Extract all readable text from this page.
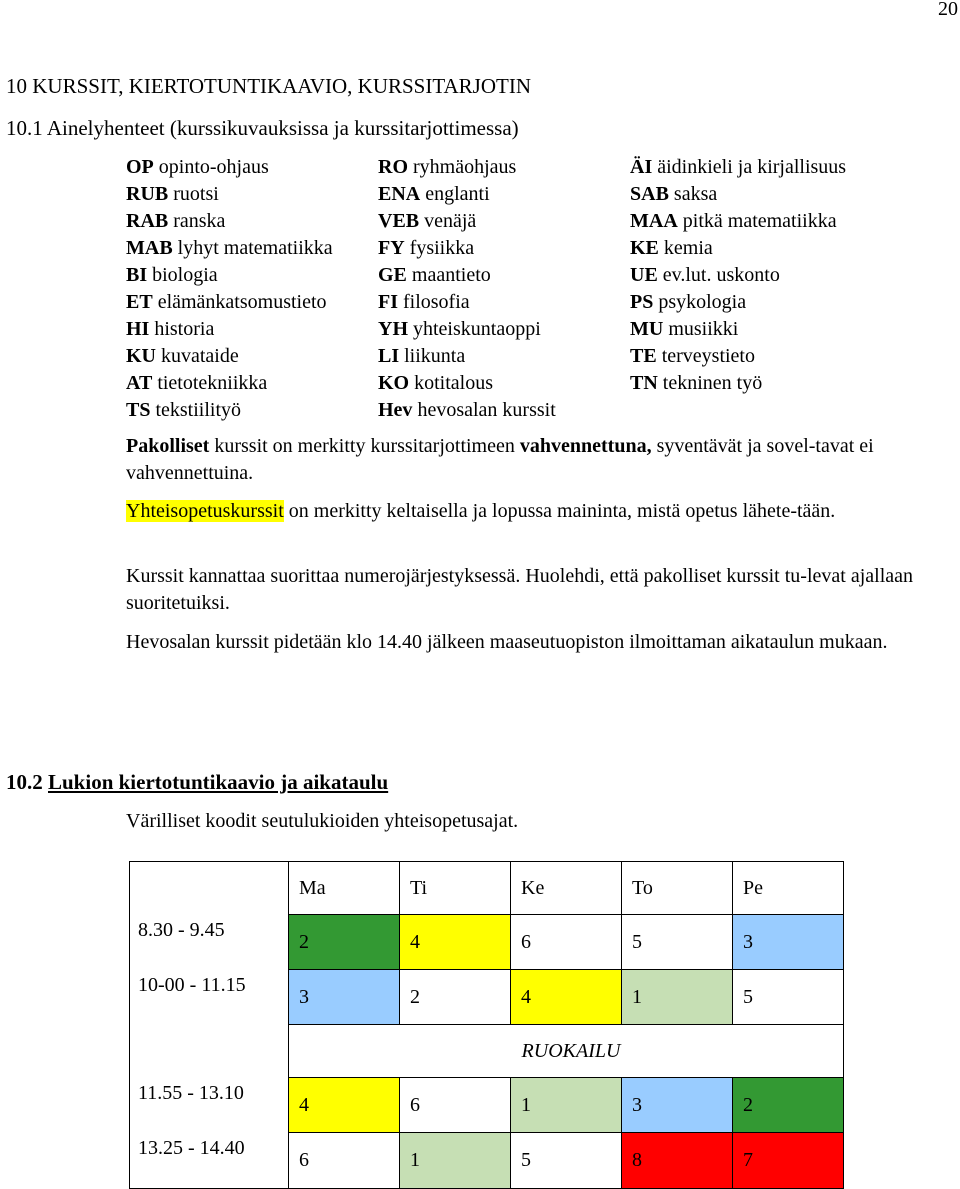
20
10 KURSSIT, KIERTOTUNTIKAAVIO, KURSSITARJOTIN
10.1 Ainelyhenteet (kurssikuvauksissa ja kurssitarjottimessa)
OP opinto-ohjaus	RO ryhmäohjaus	ÄI äidinkieli ja kirjallisuus
RUB ruotsi	ENA englanti	SAB saksa
RAB ranska	VEB venäjä	MAA pitkä matematiikka
MAB lyhyt matematiikka	FY fysiikka	KE kemia
BI biologia	GE maantieto	UE ev.lut. uskonto
ET elämänkatsomustieto	FI filosofia	PS psykologia
HI historia	YH yhteiskuntaoppi	MU musiikki
KU kuvataide	LI liikunta	TE terveystieto
AT tietotekniikka	KO kotitalous	TN tekninen työ
TS tekstiilityö	Hev hevosalan kurssit	

Pakolliset kurssit on merkitty kurssitarjottimeen vahvennettuna, syventävät ja sovel-tavat ei vahvennettuina.

Yhteisopetuskurssit on merkitty keltaisella ja lopussa maininta, mistä opetus lähete-tään.

Kurssit kannattaa suorittaa numerojärjestyksessä. Huolehdi, että pakolliset kurssit tu-levat ajallaan suoritetuiksi.

Hevosalan kurssit pidetään klo 14.40 jälkeen maaseutuopiston ilmoittaman aikataulun mukaan.

10.2 Lukion kiertotuntikaavio ja aikataulu
Värilliset koodit seutulukioiden yhteisopetusajat.
	Ma	Ti	Ke	To	Pe
8.30 - 9.45	2	4	6	5	3
10-00 - 11.15	3	2	4	1	5
	RUOKAILU				
11.55 - 13.10	4	6	1	3	2
13.25 - 14.40	6	1	5	8	7
